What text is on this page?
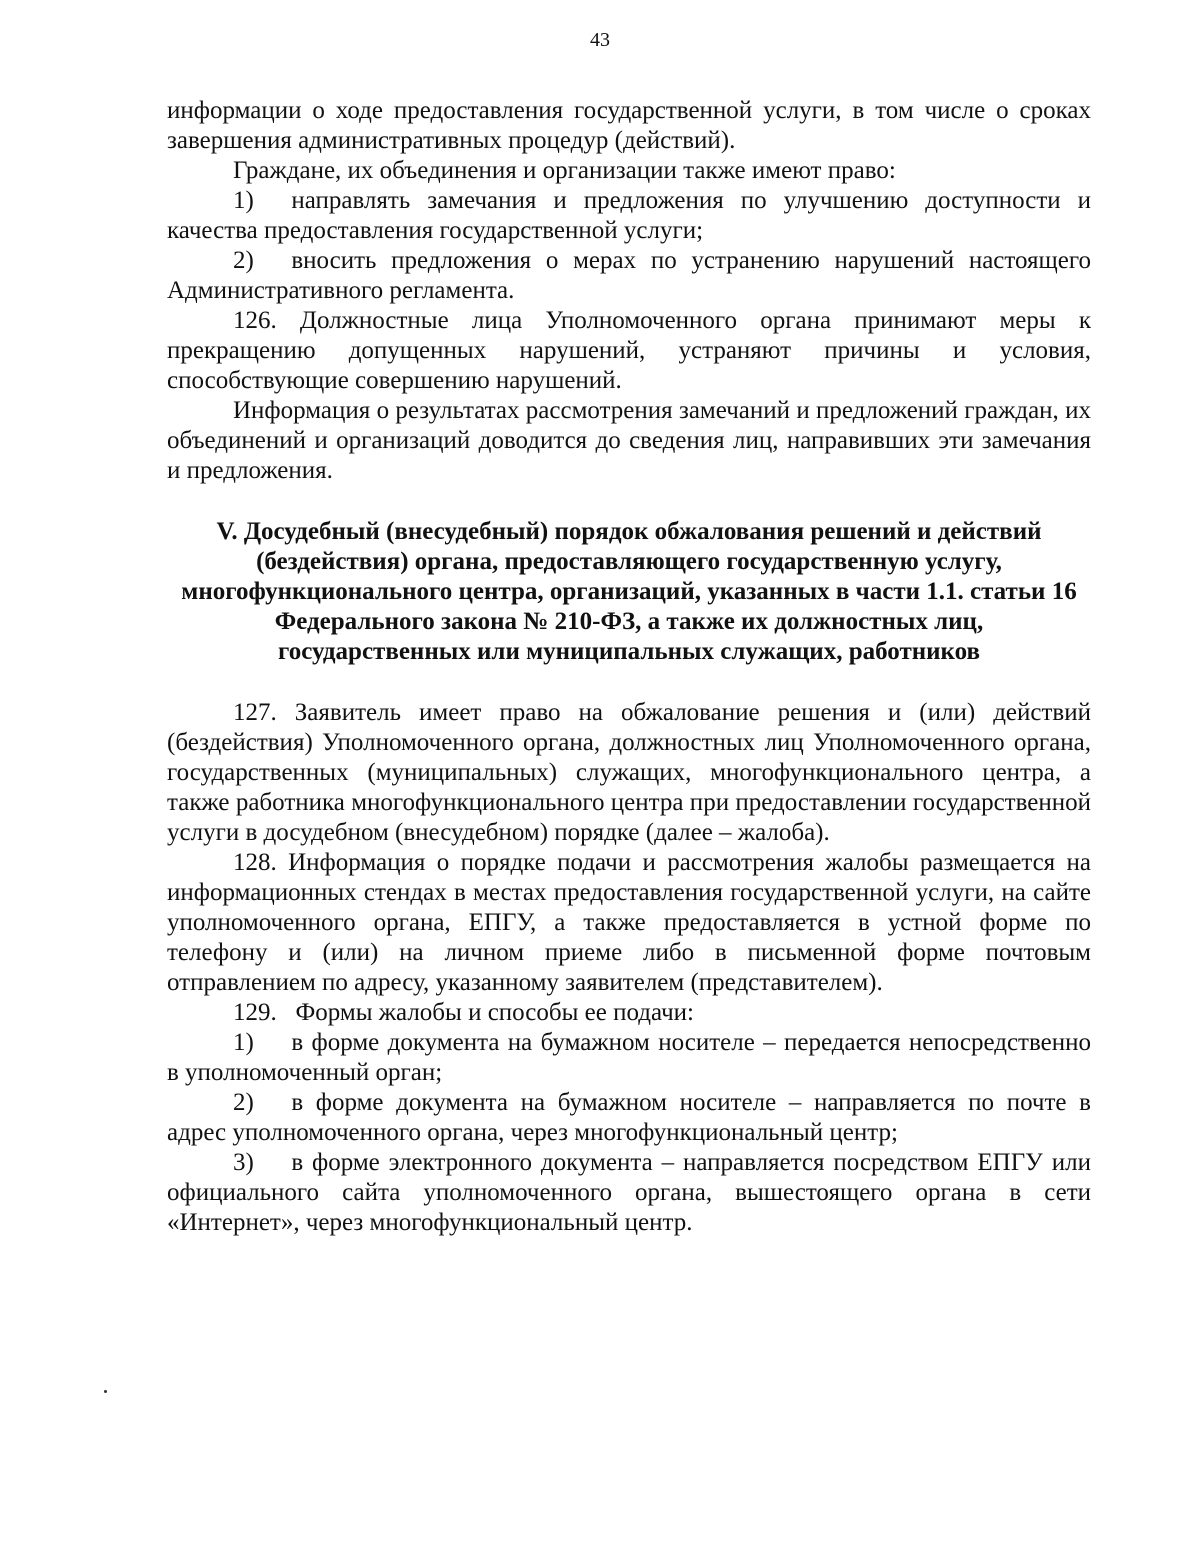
43

информации о ходе предоставления государственной услуги, в том числе о сроках завершения административных процедур (действий).

Граждане, их объединения и организации также имеют право:

1)  направлять замечания и предложения по улучшению доступности и качества предоставления государственной услуги;

2)  вносить предложения о мерах по устранению нарушений настоящего Административного регламента.

126. Должностные лица Уполномоченного органа принимают меры к прекращению допущенных нарушений, устраняют причины и условия, способствующие совершению нарушений.

Информация о результатах рассмотрения замечаний и предложений граждан, их объединений и организаций доводится до сведения лиц, направивших эти замечания и предложения.

V. Досудебный (внесудебный) порядок обжалования решений и действий
(бездействия) органа, предоставляющего государственную услугу,
многофункционального центра, организаций, указанных в части 1.1. статьи 16
Федерального закона № 210-ФЗ, а также их должностных лиц,
государственных или муниципальных служащих, работников

127. Заявитель имеет право на обжалование решения и (или) действий (бездействия) Уполномоченного органа, должностных лиц Уполномоченного органа, государственных (муниципальных) служащих, многофункционального центра, а также работника многофункционального центра при предоставлении государственной услуги в досудебном (внесудебном) порядке (далее – жалоба).

128. Информация о порядке подачи и рассмотрения жалобы размещается на информационных стендах в местах предоставления государственной услуги, на сайте уполномоченного органа, ЕПГУ, а также предоставляется в устной форме по телефону и (или) на личном приеме либо в письменной форме почтовым отправлением по адресу, указанному заявителем (представителем).

129.  Формы жалобы и способы ее подачи:

1)  в форме документа на бумажном носителе – передается непосредственно в уполномоченный орган;

2)  в форме документа на бумажном носителе – направляется по почте в адрес уполномоченного органа, через многофункциональный центр;

3)  в форме электронного документа – направляется посредством ЕПГУ или официального сайта уполномоченного органа, вышестоящего органа в сети «Интернет», через многофункциональный центр.
